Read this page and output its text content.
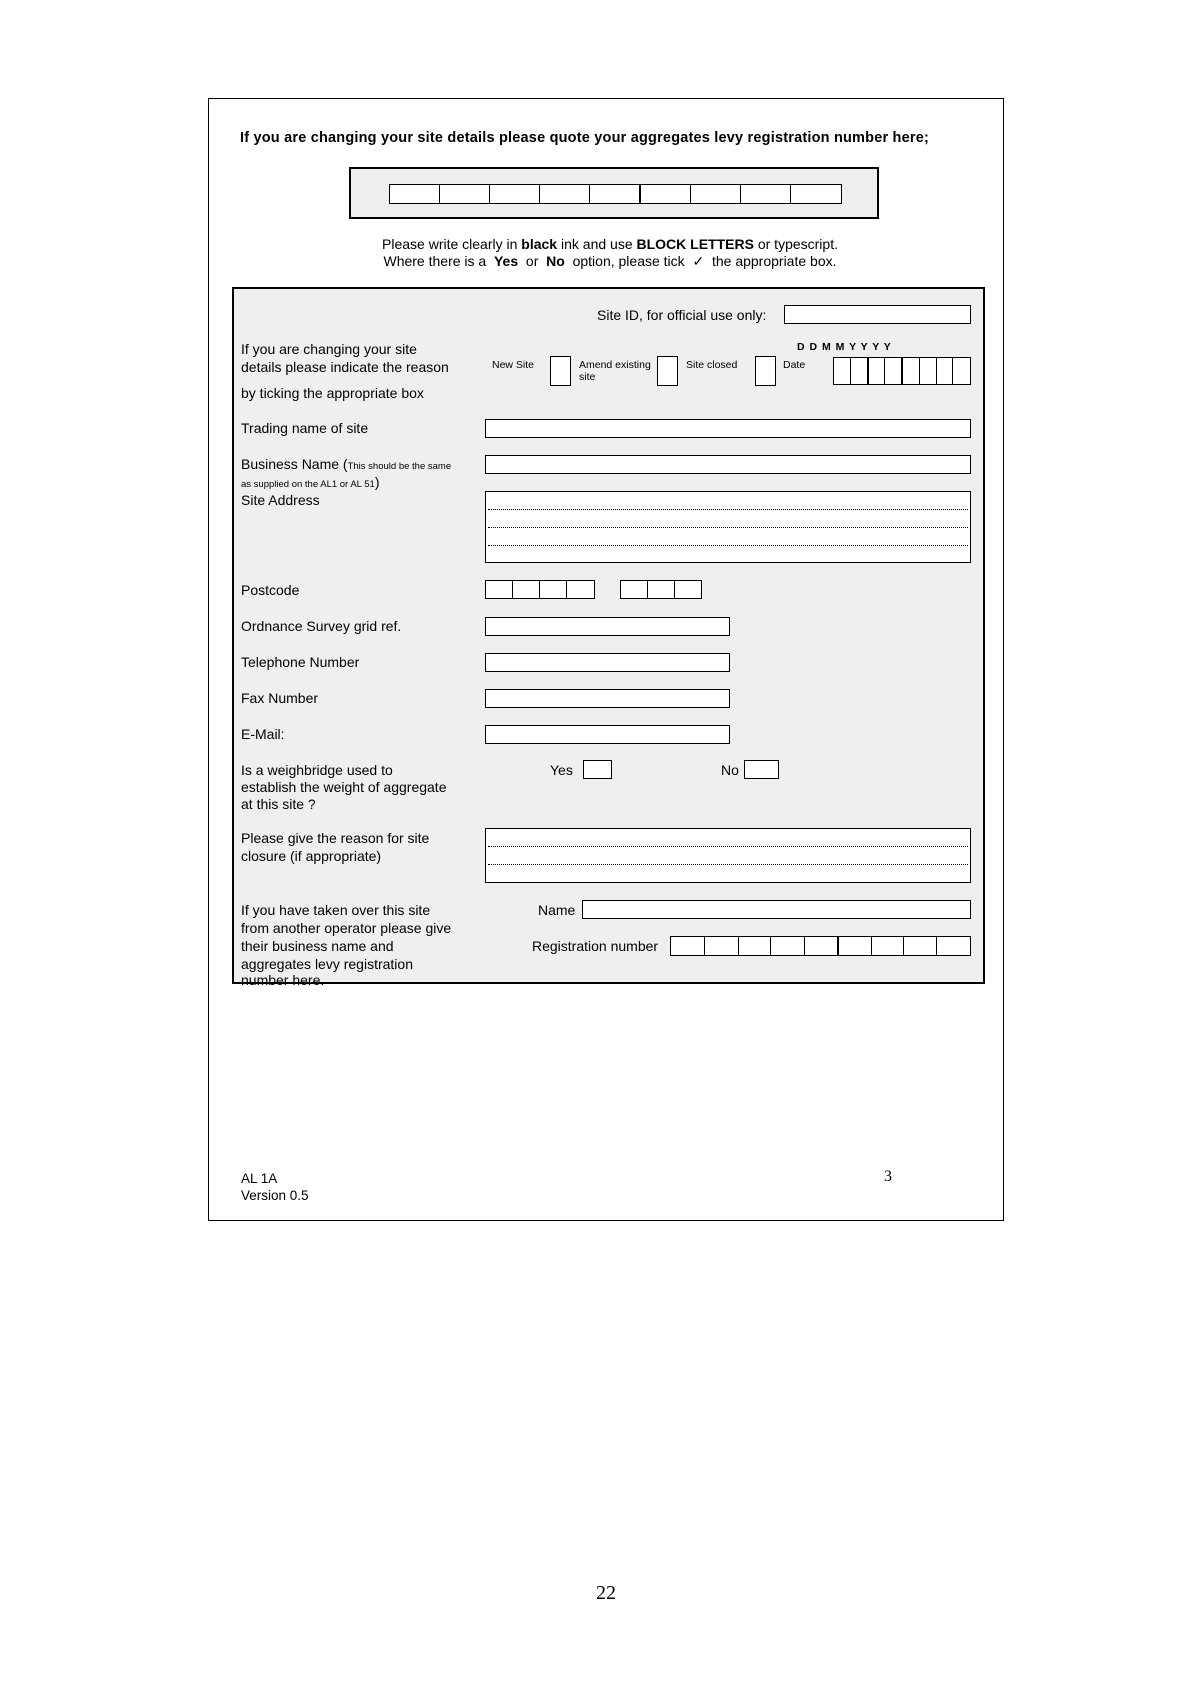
If you are changing your site details please quote your aggregates levy registration number here;
Please write clearly in black ink and use BLOCK LETTERS or typescript.
Where there is a  Yes  or  No  option, please tick  ✓  the appropriate box.
Site ID, for official use only:
If you are changing your site
details please indicate the reason
by ticking the appropriate box
New Site	Amend existing
site
Site closed	Date
D D M M Y Y Y Y
Trading name of site
Business Name (This should be the same
as supplied on the AL1 or AL 51)
Site Address
Postcode
Ordnance Survey grid ref.
Telephone Number
Fax Number
E-Mail:
Is a weighbridge used to
establish the weight of aggregate
at this site ?
Yes	No
Please give the reason for site
closure (if appropriate)
If you have taken over this site
from another operator please give
their business name and
aggregates levy registration
number here.
Name
Registration number
AL 1A
Version 0.5
3
22
